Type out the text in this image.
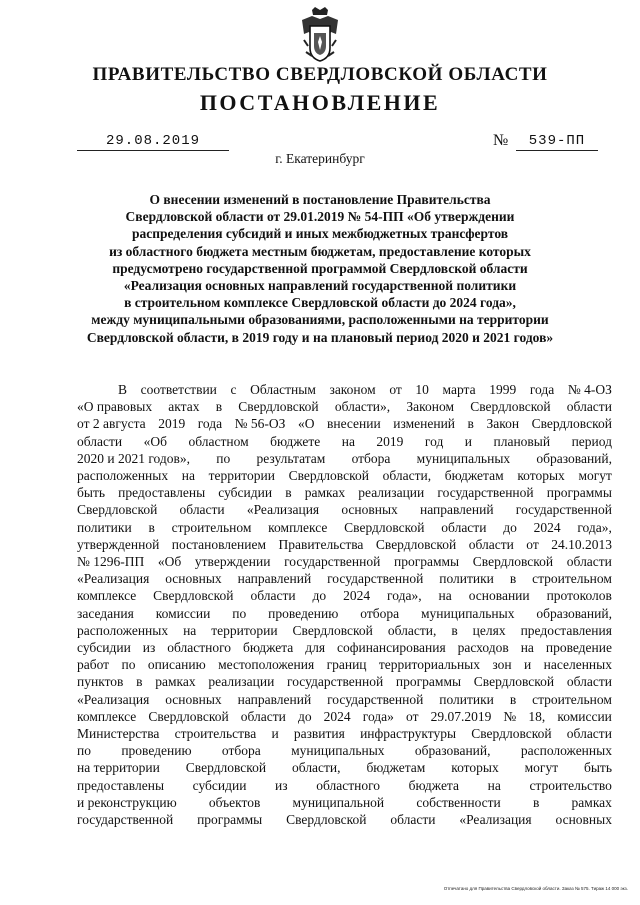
ПРАВИТЕЛЬСТВО СВЕРДЛОВСКОЙ ОБЛАСТИ
ПОСТАНОВЛЕНИЕ
29.08.2019	№	539-ПП
г. Екатеринбург
О внесении изменений в постановление Правительства
Свердловской области от 29.01.2019 № 54-ПП «Об утверждении
распределения субсидий и иных межбюджетных трансфертов
из областного бюджета местным бюджетам, предоставление которых
предусмотрено государственной программой Свердловской области
«Реализация основных направлений государственной политики
в строительном комплексе Свердловской области до 2024 года»,
между муниципальными образованиями, расположенными на территории
Свердловской области, в 2019 году и на плановый период 2020 и 2021 годов»
В соответствии с Областным законом от 10 марта 1999 года № 4-ОЗ
«О правовых актах в Свердловской области», Законом Свердловской области
от 2 августа 2019 года № 56-ОЗ «О внесении изменений в Закон Свердловской
области «Об областном бюджете на 2019 год и плановый период
2020 и 2021 годов», по результатам отбора муниципальных образований,
расположенных на территории Свердловской области, бюджетам которых могут
быть предоставлены субсидии в рамках реализации государственной программы
Свердловской области «Реализация основных направлений государственной
политики в строительном комплексе Свердловской области до 2024 года»,
утвержденной постановлением Правительства Свердловской области от 24.10.2013
№ 1296-ПП «Об утверждении государственной программы Свердловской области
«Реализация основных направлений государственной политики в строительном
комплексе Свердловской области до 2024 года», на основании протоколов
заседания комиссии по проведению отбора муниципальных образований,
расположенных на территории Свердловской области, в целях предоставления
субсидии из областного бюджета для софинансирования расходов на проведение
работ по описанию местоположения границ территориальных зон и населенных
пунктов в рамках реализации государственной программы Свердловской области
«Реализация основных направлений государственной политики в строительном
комплексе Свердловской области до 2024 года» от 29.07.2019 № 18, комиссии
Министерства строительства и развития инфраструктуры Свердловской области
по проведению отбора муниципальных образований, расположенных
на территории Свердловской области, бюджетам которых могут быть
предоставлены субсидии из областного бюджета на строительство
и реконструкцию объектов муниципальной собственности в рамках
государственной программы Свердловской области «Реализация основных
Отпечатано для Правительства Свердловской области. Заказ № 575. Тираж 14 000 экз.
